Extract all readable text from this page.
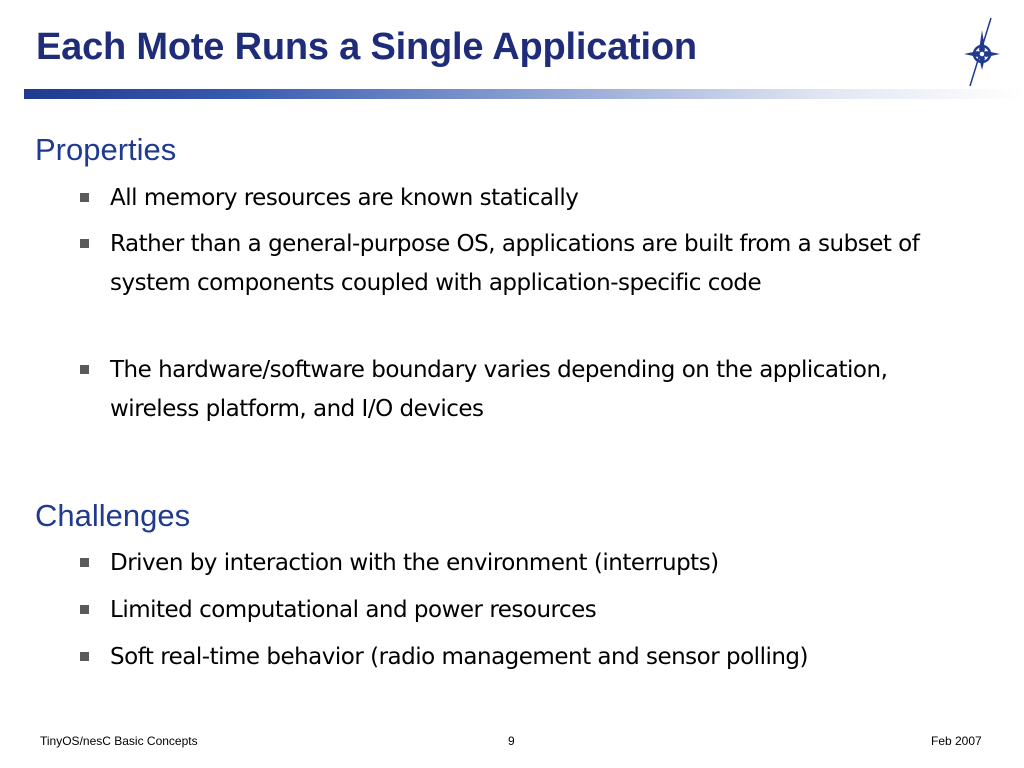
Each Mote Runs a Single Application
Properties
All memory resources are known statically
Rather than a general-purpose OS, applications are built from a subset of system components coupled with application-specific code
The hardware/software boundary varies depending on the application, wireless platform, and I/O devices
Challenges
Driven by interaction with the environment (interrupts)
Limited computational and power resources
Soft real-time behavior (radio management and sensor polling)
TinyOS/nesC Basic Concepts	9	Feb 2007
